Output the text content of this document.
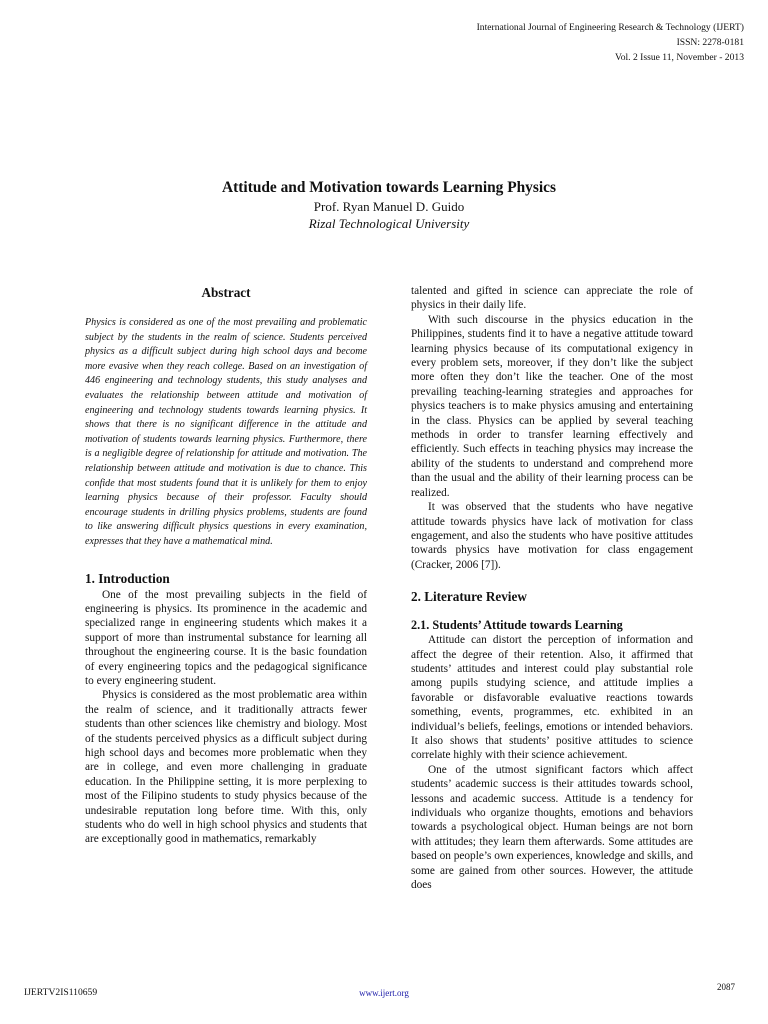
International Journal of Engineering Research & Technology (IJERT)
ISSN: 2278-0181
Vol. 2 Issue 11, November - 2013
Attitude and Motivation towards Learning Physics
Prof. Ryan Manuel D. Guido
Rizal Technological University
Abstract

Physics is considered as one of the most prevailing and problematic subject by the students in the realm of science. Students perceived physics as a difficult subject during high school days and become more evasive when they reach college. Based on an investigation of 446 engineering and technology students, this study analyses and evaluates the relationship between attitude and motivation of engineering and technology students towards learning physics. It shows that there is no significant difference in the attitude and motivation of students towards learning physics. Furthermore, there is a negligible degree of relationship for attitude and motivation. The relationship between attitude and motivation is due to chance. This confide that most students found that it is unlikely for them to enjoy learning physics because of their professor. Faculty should encourage students in drilling physics problems, students are found to like answering difficult physics questions in every examination, expresses that they have a mathematical mind.

1. Introduction

One of the most prevailing subjects in the field of engineering is physics. Its prominence in the academic and specialized range in engineering students which makes it a support of more than instrumental substance for learning all throughout the engineering course. It is the basic foundation of every engineering topics and the pedagogical significance to every engineering student.

Physics is considered as the most problematic area within the realm of science, and it traditionally attracts fewer students than other sciences like chemistry and biology. Most of the students perceived physics as a difficult subject during high school days and becomes more problematic when they are in college, and even more challenging in graduate education. In the Philippine setting, it is more perplexing to most of the Filipino students to study physics because of the undesirable reputation long before time. With this, only students who do well in high school physics and students that are exceptionally good in mathematics, remarkably

talented and gifted in science can appreciate the role of physics in their daily life.

With such discourse in the physics education in the Philippines, students find it to have a negative attitude toward learning physics because of its computational exigency in every problem sets, moreover, if they don’t like the subject more often they don’t like the teacher. One of the most prevailing teaching-learning strategies and approaches for physics teachers is to make physics amusing and entertaining in the class. Physics can be applied by several teaching methods in order to transfer learning effectively and efficiently. Such effects in teaching physics may increase the ability of the students to understand and comprehend more than the usual and the ability of their learning process can be realized.

It was observed that the students who have negative attitude towards physics have lack of motivation for class engagement, and also the students who have positive attitudes towards physics have motivation for class engagement (Cracker, 2006 [7]).

2. Literature Review
2.1. Students’ Attitude towards Learning

Attitude can distort the perception of information and affect the degree of their retention. Also, it affirmed that students’ attitudes and interest could play substantial role among pupils studying science, and attitude implies a favorable or disfavorable evaluative reactions towards something, events, programmes, etc. exhibited in an individual’s beliefs, feelings, emotions or intended behaviors. It also shows that students’ positive attitudes to science correlate highly with their science achievement.

One of the utmost significant factors which affect students’ academic success is their attitudes towards school, lessons and academic success. Attitude is a tendency for individuals who organize thoughts, emotions and behaviors towards a psychological object. Human beings are not born with attitudes; they learn them afterwards. Some attitudes are based on people’s own experiences, knowledge and skills, and some are gained from other sources. However, the attitude does

IJERTV2IS110659	www.ijert.org
2087
